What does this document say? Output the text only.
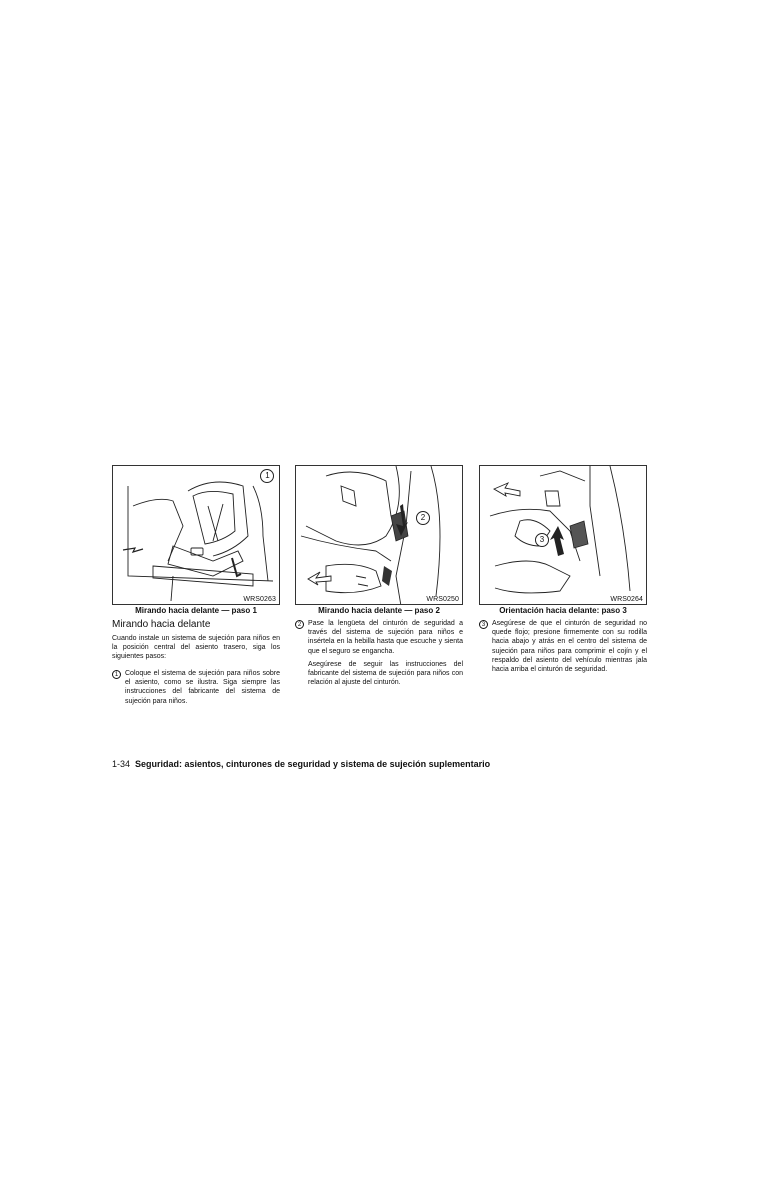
1
WRS0263
Mirando hacia delante — paso 1
2
WRS0250
Mirando hacia delante — paso 2
3
WRS0264
Orientación hacia delante: paso 3
Mirando hacia delante

Cuando instale un sistema de sujeción para niños en la posición central del asiento trasero, siga los siguientes pasos:

1 Coloque el sistema de sujeción para niños sobre el asiento, como se ilustra. Siga siempre las instrucciones del fabricante del sistema de sujeción para niños.
2 Pase la lengüeta del cinturón de seguridad a través del sistema de sujeción para niños e insértela en la hebilla hasta que escuche y sienta que el seguro se engancha.

Asegúrese de seguir las instrucciones del fabricante del sistema de sujeción para niños con relación al ajuste del cinturón.

3 Asegúrese de que el cinturón de seguridad no quede flojo; presione firmemente con su rodilla hacia abajo y atrás en el centro del sistema de sujeción para niños para comprimir el cojín y el respaldo del asiento del vehículo mientras jala hacia arriba el cinturón de seguridad.
1-34 Seguridad: asientos, cinturones de seguridad y sistema de sujeción suplementario
